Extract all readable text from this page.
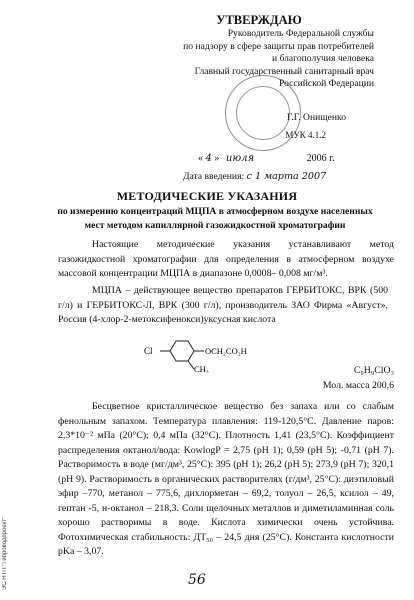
УТВЕРЖДАЮ
Руководитель Федеральной службы
по надзору в сфере защиты прав потребителей
и благополучия человека
Главный государственный санитарный врач
Российской Федерации
Г.Г. Онищенко
МУК 4.1.2
« 4 » июля	2006 г.
Дата введения: с 1 марта 2007
МЕТОДИЧЕСКИЕ УКАЗАНИЯ
по измерению концентраций МЦПА в атмосферном воздухе населенных
мест методом капиллярной газожидкостной хроматографии
Настоящие методические указания устанавливают метод газожидкостной хроматографии для определения в атмосферном воздухе массовой концентрации МЦПА в диапазоне 0,0008– 0,008 мг/м³.
МЦПА – действующее вещество препаратов ГЕРБИТОКС, ВРК (500 г/л) и ГЕРБИТОКС-Л, ВРК (300 г/л), производитель ЗАО Фирма «Август», Россия (4-хлор-2-метоксифенокси)уксусная кислота
Cl	OCH₂CO₂H
CH₃	C₉H₉ClO₃
Мол. масса 200,6
Бесцветное кристаллическое вещество без запаха или со слабым фенольным запахом. Температура плавления: 119-120,5°С. Давление паров: 2,3*10⁻² мПа (20°С); 0,4 мПа (32°С). Плотность 1,41 (23,5°С). Коэффициент распределения октанол/вода: KowlogP = 2,75 (pH 1); 0,59 (pH 5); -0,71 (pH 7). Растворимость в воде (мг/дм³, 25°С): 395 (pH 1); 26,2 (pH 5); 273,9 (pH 7); 320,1 (pH 9). Растворимость в органических растворителях (г/дм³, 25°С): диэтиловый эфир –770, метанол – 775,6, дихлорметан – 69,2, толуол – 26,5, ксилол – 49, гептан -5, н-октанол – 218,3. Соли щелочных металлов и диметиламинная соль хорошо растворимы в воде. Кислота химически очень устойчива. Фотохимическая стабильность: ДТ₅₀ – 24,5 дня (25°С). Константа кислотности pKa – 3,07.
56
ЭС НТП "Гипроводпроект"
